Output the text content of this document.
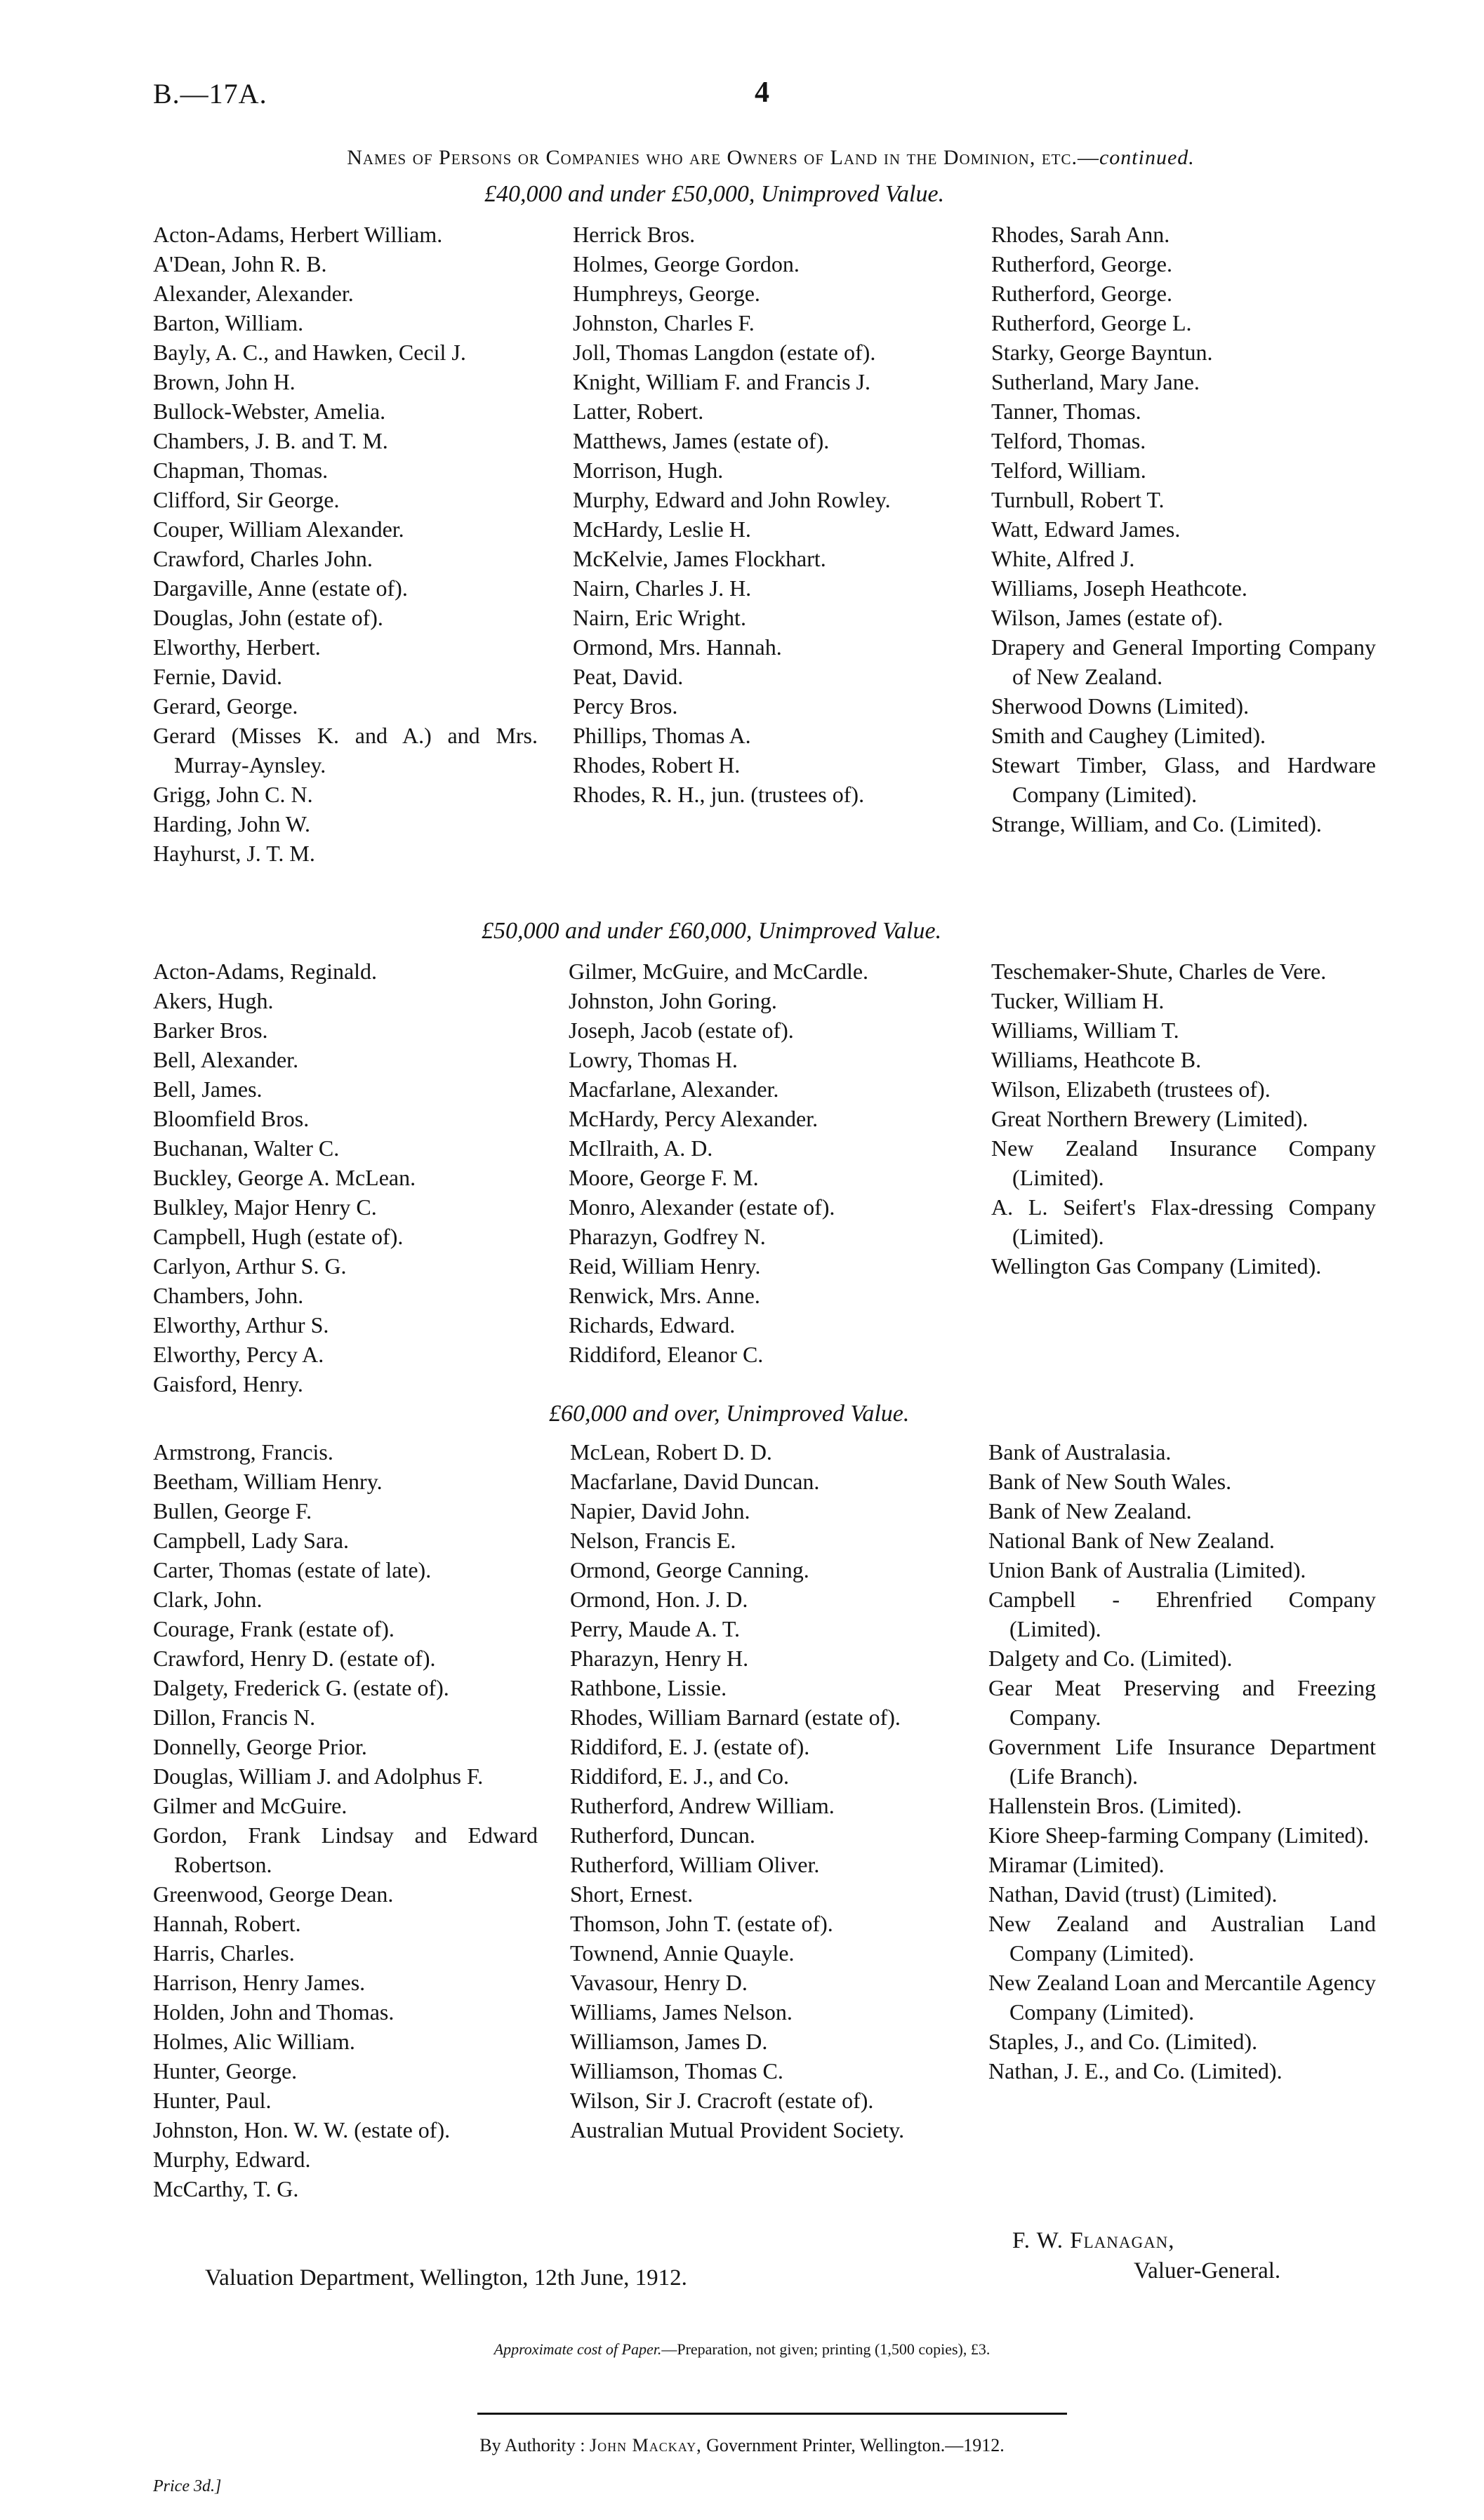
B.—17A.	4
Names of Persons or Companies who are Owners of Land in the Dominion, etc.—continued.
£40,000 and under £50,000, Unimproved Value.
Acton-Adams, Herbert William.
A'Dean, John R. B.
Alexander, Alexander.
Barton, William.
Bayly, A. C., and Hawken, Cecil J.
Brown, John H.
Bullock-Webster, Amelia.
Chambers, J. B. and T. M.
Chapman, Thomas.
Clifford, Sir George.
Couper, William Alexander.
Crawford, Charles John.
Dargaville, Anne (estate of).
Douglas, John (estate of).
Elworthy, Herbert.
Fernie, David.
Gerard, George.
Gerard (Misses K. and A.) and Mrs. Murray-Aynsley.
Grigg, John C. N.
Harding, John W.
Hayhurst, J. T. M.
Herrick Bros.
Holmes, George Gordon.
Humphreys, George.
Johnston, Charles F.
Joll, Thomas Langdon (estate of).
Knight, William F. and Francis J.
Latter, Robert.
Matthews, James (estate of).
Morrison, Hugh.
Murphy, Edward and John Rowley.
McHardy, Leslie H.
McKelvie, James Flockhart.
Nairn, Charles J. H.
Nairn, Eric Wright.
Ormond, Mrs. Hannah.
Peat, David.
Percy Bros.
Phillips, Thomas A.
Rhodes, Robert H.
Rhodes, R. H., jun. (trustees of).
Rhodes, Sarah Ann.
Rutherford, George.
Rutherford, George.
Rutherford, George L.
Starky, George Bayntun.
Sutherland, Mary Jane.
Tanner, Thomas.
Telford, Thomas.
Telford, William.
Turnbull, Robert T.
Watt, Edward James.
White, Alfred J.
Williams, Joseph Heathcote.
Wilson, James (estate of).
Drapery and General Importing Company of New Zealand.
Sherwood Downs (Limited).
Smith and Caughey (Limited).
Stewart Timber, Glass, and Hardware Company (Limited).
Strange, William, and Co. (Limited).
£50,000 and under £60,000, Unimproved Value.
Acton-Adams, Reginald.
Akers, Hugh.
Barker Bros.
Bell, Alexander.
Bell, James.
Bloomfield Bros.
Buchanan, Walter C.
Buckley, George A. McLean.
Bulkley, Major Henry C.
Campbell, Hugh (estate of).
Carlyon, Arthur S. G.
Chambers, John.
Elworthy, Arthur S.
Elworthy, Percy A.
Gaisford, Henry.
Gilmer, McGuire, and McCardle.
Johnston, John Goring.
Joseph, Jacob (estate of).
Lowry, Thomas H.
Macfarlane, Alexander.
McHardy, Percy Alexander.
McIlraith, A. D.
Moore, George F. M.
Monro, Alexander (estate of).
Pharazyn, Godfrey N.
Reid, William Henry.
Renwick, Mrs. Anne.
Richards, Edward.
Riddiford, Eleanor C.
Teschemaker-Shute, Charles de Vere.
Tucker, William H.
Williams, William T.
Williams, Heathcote B.
Wilson, Elizabeth (trustees of).
Great Northern Brewery (Limited).
New Zealand Insurance Company (Limited).
A. L. Seifert's Flax-dressing Company (Limited).
Wellington Gas Company (Limited).
£60,000 and over, Unimproved Value.
Armstrong, Francis.
Beetham, William Henry.
Bullen, George F.
Campbell, Lady Sara.
Carter, Thomas (estate of late).
Clark, John.
Courage, Frank (estate of).
Crawford, Henry D. (estate of).
Dalgety, Frederick G. (estate of).
Dillon, Francis N.
Donnelly, George Prior.
Douglas, William J. and Adolphus F.
Gilmer and McGuire.
Gordon, Frank Lindsay and Edward Robertson.
Greenwood, George Dean.
Hannah, Robert.
Harris, Charles.
Harrison, Henry James.
Holden, John and Thomas.
Holmes, Alic William.
Hunter, George.
Hunter, Paul.
Johnston, Hon. W. W. (estate of).
Murphy, Edward.
McCarthy, T. G.
McLean, Robert D. D.
Macfarlane, David Duncan.
Napier, David John.
Nelson, Francis E.
Ormond, George Canning.
Ormond, Hon. J. D.
Perry, Maude A. T.
Pharazyn, Henry H.
Rathbone, Lissie.
Rhodes, William Barnard (estate of).
Riddiford, E. J. (estate of).
Riddiford, E. J., and Co.
Rutherford, Andrew William.
Rutherford, Duncan.
Rutherford, William Oliver.
Short, Ernest.
Thomson, John T. (estate of).
Townend, Annie Quayle.
Vavasour, Henry D.
Williams, James Nelson.
Williamson, James D.
Williamson, Thomas C.
Wilson, Sir J. Cracroft (estate of).
Australian Mutual Provident Society.
Bank of Australasia.
Bank of New South Wales.
Bank of New Zealand.
National Bank of New Zealand.
Union Bank of Australia (Limited).
Campbell - Ehrenfried Company (Limited).
Dalgety and Co. (Limited).
Gear Meat Preserving and Freezing Company.
Government Life Insurance Department (Life Branch).
Hallenstein Bros. (Limited).
Kiore Sheep-farming Company (Limited).
Miramar (Limited).
Nathan, David (trust) (Limited).
New Zealand and Australian Land Company (Limited).
New Zealand Loan and Mercantile Agency Company (Limited).
Staples, J., and Co. (Limited).
Nathan, J. E., and Co. (Limited).
F. W. Flanagan,
Valuation Department, Wellington, 12th June, 1912.	Valuer-General.
Approximate cost of Paper.—Preparation, not given; printing (1,500 copies), £3.
By Authority : John Mackay, Government Printer, Wellington.—1912.
Price 3d.]
